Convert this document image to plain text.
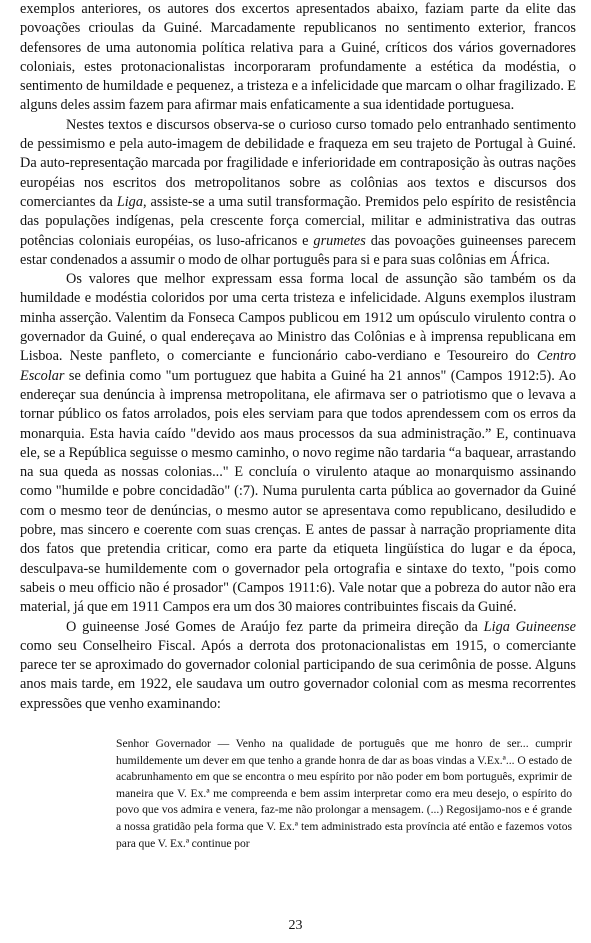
exemplos anteriores, os autores dos excertos apresentados abaixo, faziam parte da elite das povoações crioulas da Guiné. Marcadamente republicanos no sentimento exterior, francos defensores de uma autonomia política relativa para a Guiné, críticos dos vários governadores coloniais, estes protonacionalistas incorporaram profundamente a estética da modéstia, o sentimento de humildade e pequenez, a tristeza e a infelicidade que marcam o olhar fragilizado. E alguns deles assim fazem para afirmar mais enfaticamente a sua identidade portuguesa.

Nestes textos e discursos observa-se o curioso curso tomado pelo entranhado sentimento de pessimismo e pela auto-imagem de debilidade e fraqueza em seu trajeto de Portugal à Guiné. Da auto-representação marcada por fragilidade e inferioridade em contraposição às outras nações européias nos escritos dos metropolitanos sobre as colônias aos textos e discursos dos comerciantes da Liga, assiste-se a uma sutil transformação. Premidos pelo espírito de resistência das populações indígenas, pela crescente força comercial, militar e administrativa das outras potências coloniais européias, os luso-africanos e grumetes das povoações guineenses parecem estar condenados a assumir o modo de olhar português para si e para suas colônias em África.

Os valores que melhor expressam essa forma local de assunção são também os da humildade e modéstia coloridos por uma certa tristeza e infelicidade. Alguns exemplos ilustram minha asserção. Valentim da Fonseca Campos publicou em 1912 um opúsculo virulento contra o governador da Guiné, o qual endereçava ao Ministro das Colônias e à imprensa republicana em Lisboa. Neste panfleto, o comerciante e funcionário cabo-verdiano e Tesoureiro do Centro Escolar se definia como "um portuguez que habita a Guiné ha 21 annos" (Campos 1912:5). Ao endereçar sua denúncia à imprensa metropolitana, ele afirmava ser o patriotismo que o levava a tornar público os fatos arrolados, pois eles serviam para que todos aprendessem com os erros da monarquia. Esta havia caído "devido aos maus processos da sua administração.” E, continuava ele, se a República seguisse o mesmo caminho, o novo regime não tardaria “a baquear, arrastando na sua queda as nossas colonias..." E concluía o virulento ataque ao monarquismo assinando como "humilde e pobre concidadão" (:7). Numa purulenta carta pública ao governador da Guiné com o mesmo teor de denúncias, o mesmo autor se apresentava como republicano, desiludido e pobre, mas sincero e coerente com suas crenças. E antes de passar à narração propriamente dita dos fatos que pretendia criticar, como era parte da etiqueta lingüística do lugar e da época, desculpava-se humildemente com o governador pela ortografia e sintaxe do texto, "pois como sabeis o meu officio não é prosador" (Campos 1911:6). Vale notar que a pobreza do autor não era material, já que em 1911 Campos era um dos 30 maiores contribuintes fiscais da Guiné.

O guineense José Gomes de Araújo fez parte da primeira direção da Liga Guineense como seu Conselheiro Fiscal. Após a derrota dos protonacionalistas em 1915, o comerciante parece ter se aproximado do governador colonial participando de sua cerimônia de posse. Alguns anos mais tarde, em 1922, ele saudava um outro governador colonial com as mesma recorrentes expressões que venho examinando:

Senhor Governador — Venho na qualidade de português que me honro de ser... cumprir humildemente um dever em que tenho a grande honra de dar as boas vindas a V.Ex.ª... O estado de acabrunhamento em que se encontra o meu espírito por não poder em bom português, exprimir de maneira que V. Ex.ª me compreenda e bem assim interpretar como era meu desejo, o espírito do povo que vos admira e venera, faz-me não prolongar a mensagem. (...) Regosijamo-nos e é grande a nossa gratidão pela forma que V. Ex.ª tem administrado esta província até então e fazemos votos para que V. Ex.ª continue por

23
